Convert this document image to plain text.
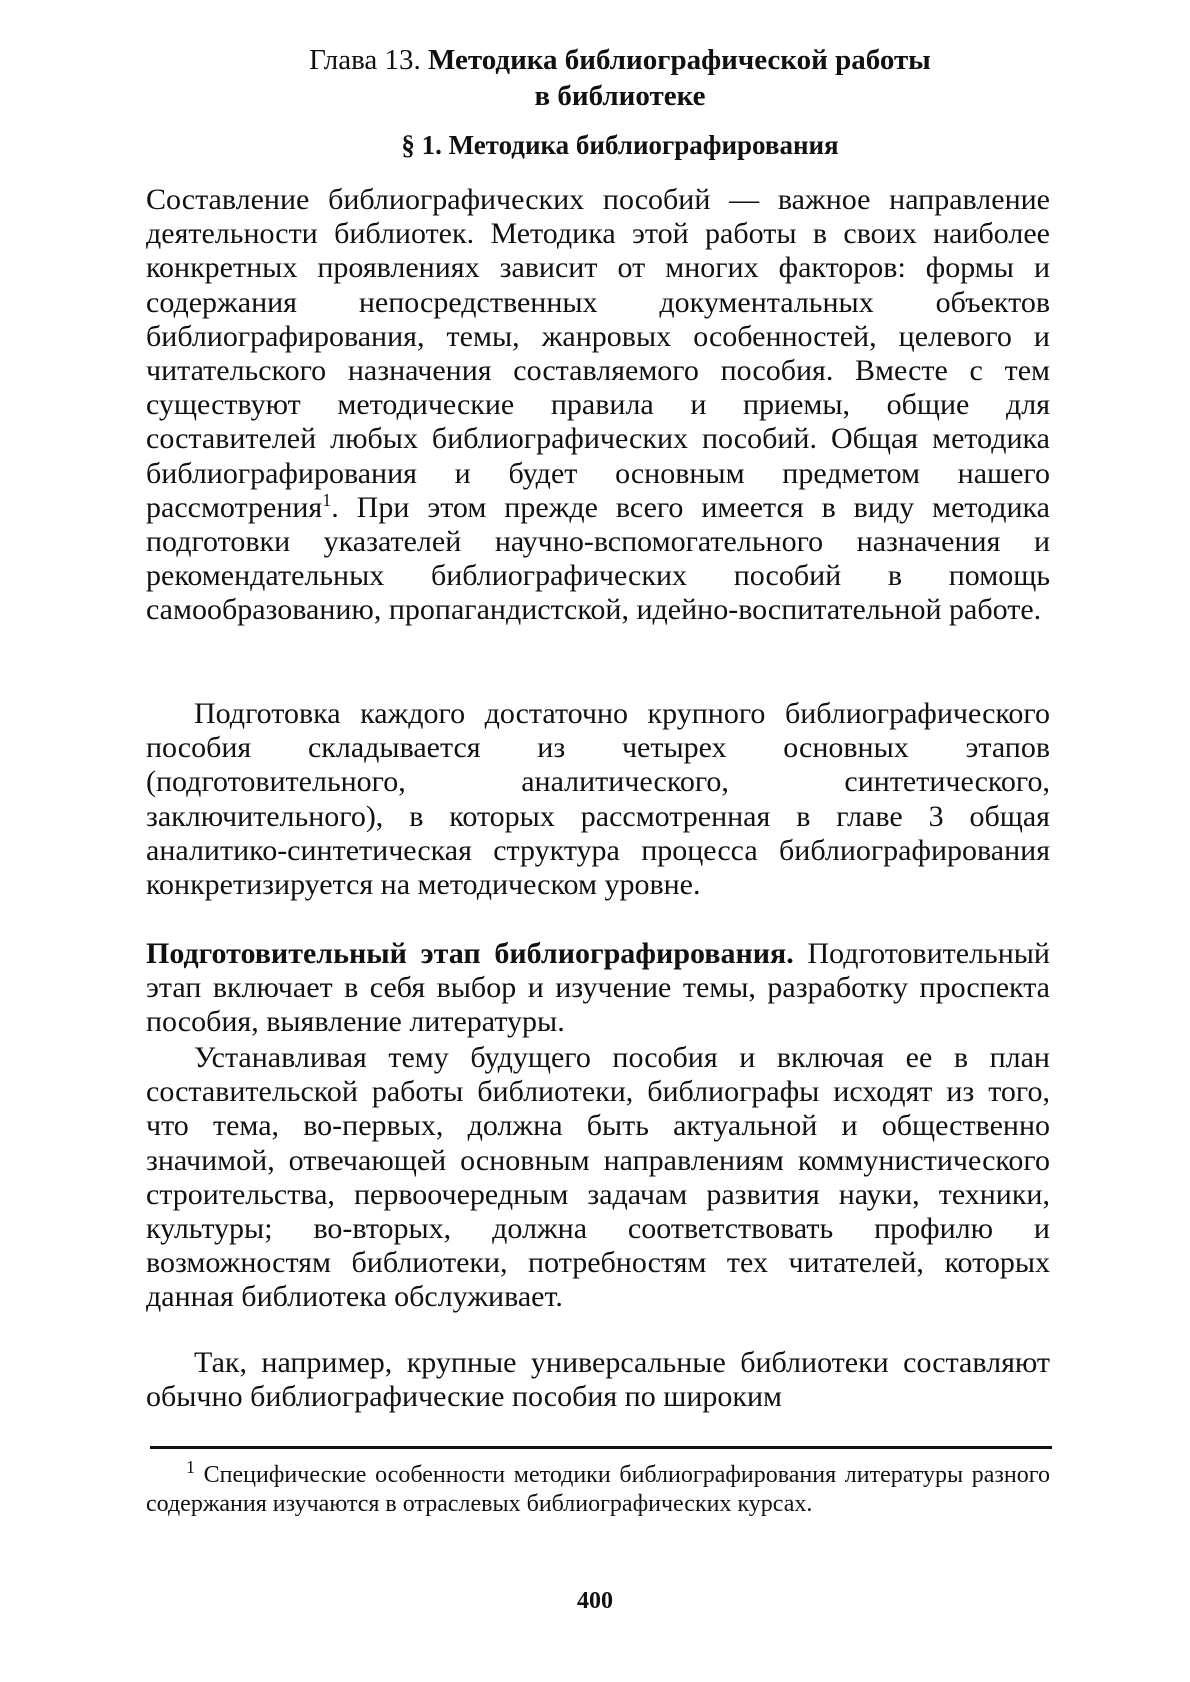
Глава 13. Методика библиографической работы
в библиотеке
§ 1. Методика библиографирования

Составление библиографических пособий — важное направление деятельности библиотек. Методика этой работы в своих наиболее конкретных проявлениях зависит от многих факторов: формы и содержания непосредственных документальных объектов библиографирования, темы, жанровых особенностей, целевого и читательского назначения составляемого пособия. Вместе с тем существуют методические правила и приемы, общие для составителей любых библиографических пособий. Общая методика библиографирования и будет основным предметом нашего рассмотрения$^1$. При этом прежде всего имеется в виду методика подготовки указателей научно-вспомогательного назначения и рекомендательных библиографических пособий в помощь самообразованию, пропагандистской, идейно-воспитательной работе.

Подготовка каждого достаточно крупного библиографического пособия складывается из четырех основных этапов (подготовительного, аналитического, синтетического, заключительного), в которых рассмотренная в главе 3 общая аналитико-синтетическая структура процесса библиографирования конкретизируется на методическом уровне.

Подготовительный этап библиографирования. Подготовительный этап включает в себя выбор и изучение темы, разработку проспекта пособия, выявление литературы.

Устанавливая тему будущего пособия и включая ее в план составительской работы библиотеки, библиографы исходят из того, что тема, во-первых, должна быть актуальной и общественно значимой, отвечающей основным направлениям коммунистического строительства, первоочередным задачам развития науки, техники, культуры; во-вторых, должна соответствовать профилю и возможностям библиотеки, потребностям тех читателей, которых данная библиотека обслуживает.

Так, например, крупные универсальные библиотеки составляют обычно библиографические пособия по широким

$^1$ Специфические особенности методики библиографирования литературы разного содержания изучаются в отраслевых библиографических курсах.

400
